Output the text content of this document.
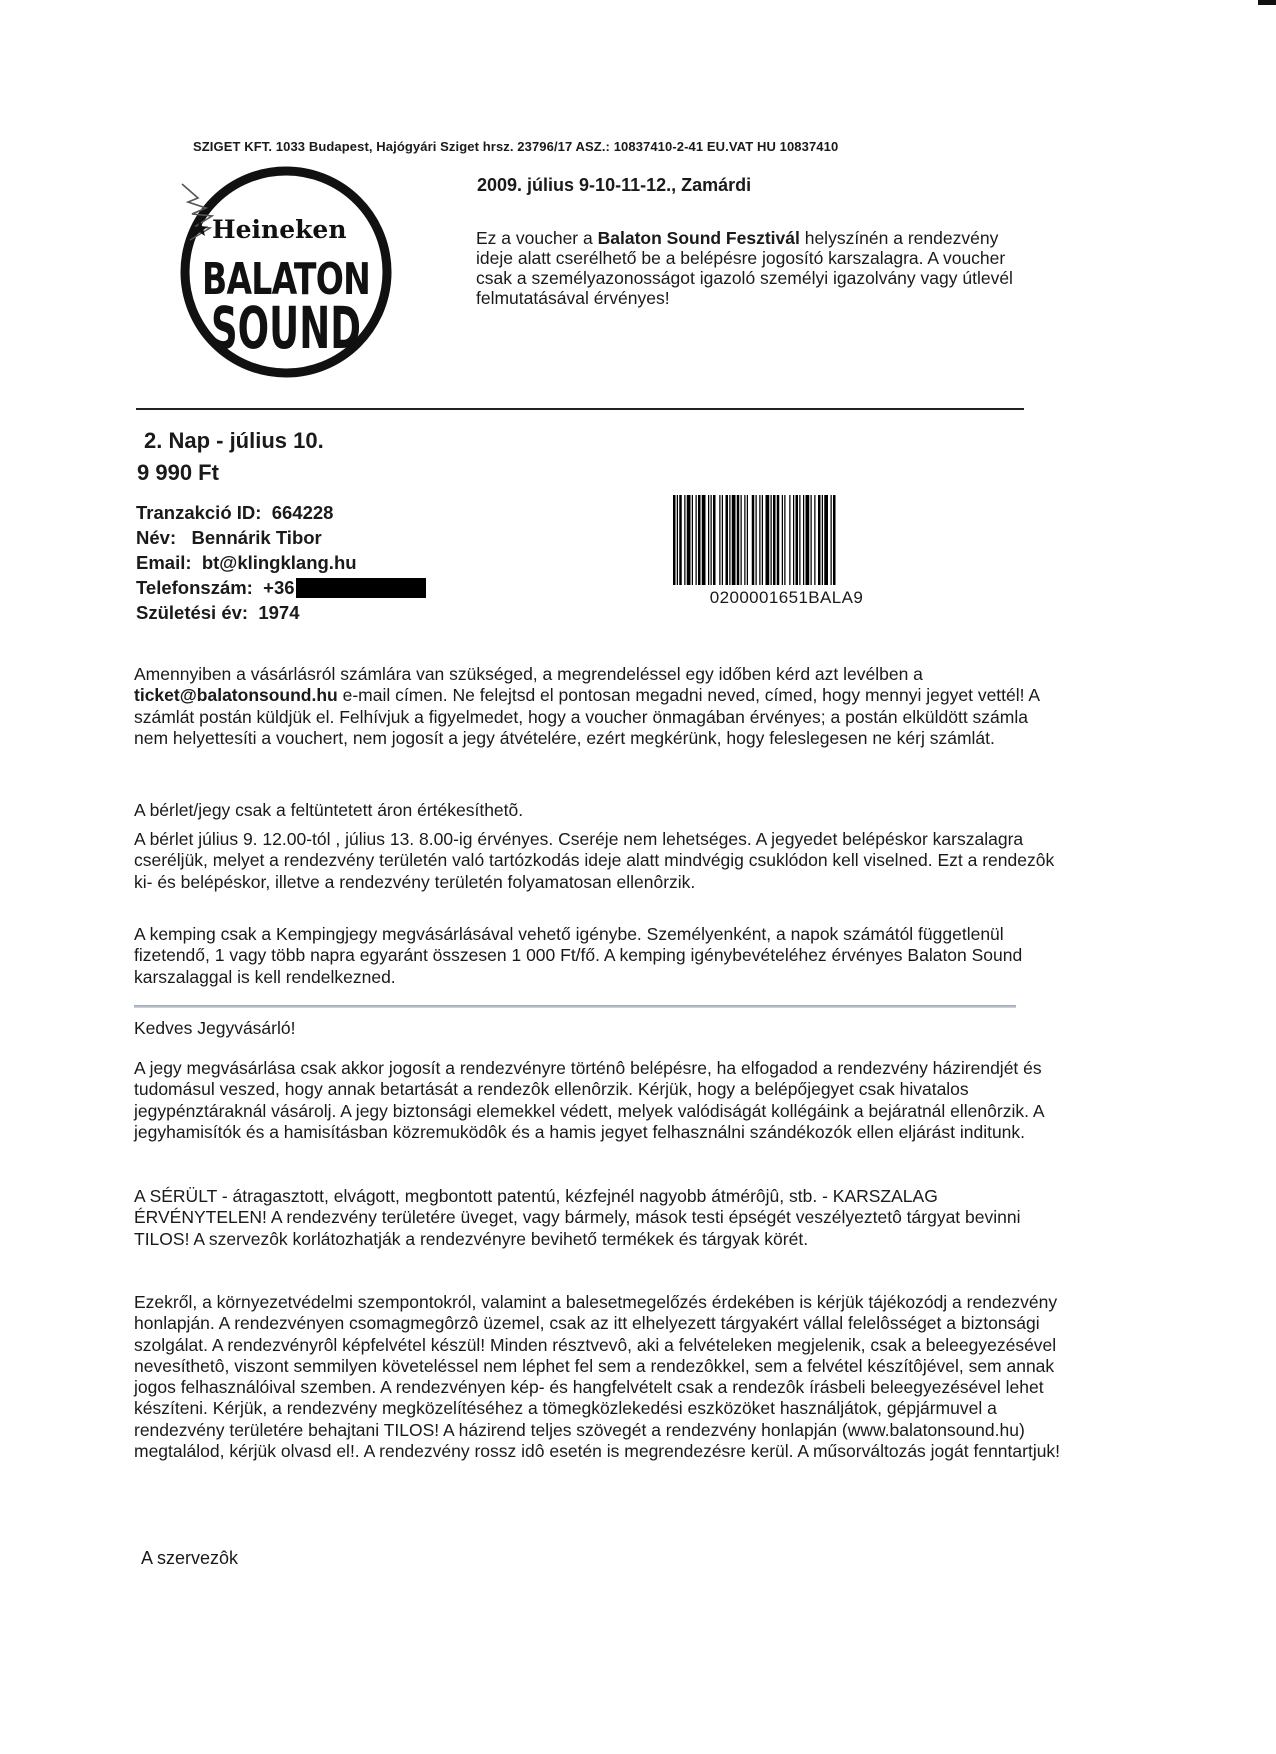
SZIGET KFT. 1033 Budapest, Hajógyári Sziget hrsz. 23796/17 ASZ.: 10837410-2-41 EU.VAT HU 10837410
Heineken
BALATON
SOUND
2009. július 9-10-11-12., Zamárdi
Ez a voucher a Balaton Sound Fesztivál helyszínén a rendezvény ideje alatt cserélhető be a belépésre jogosító karszalagra. A voucher csak a személyazonosságot igazoló személyi igazolvány vagy útlevél felmutatásával érvényes!
2. Nap - július 10.
9 990 Ft
Tranzakció ID: 664228
Név: Bennárik Tibor
Email: bt@klingklang.hu
Telefonszám: +36
Születési év: 1974
0200001651BALA9
Amennyiben a vásárlásról számlára van szükséged, a megrendeléssel egy időben kérd azt levélben a ticket@balatonsound.hu e-mail címen. Ne felejtsd el pontosan megadni neved, címed, hogy mennyi jegyet vettél! A számlát postán küldjük el. Felhívjuk a figyelmedet, hogy a voucher önmagában érvényes; a postán elküldött számla nem helyettesíti a vouchert, nem jogosít a jegy átvételére, ezért megkérünk, hogy feleslegesen ne kérj számlát.
A bérlet/jegy csak a feltüntetett áron értékesíthetõ.
A bérlet július 9. 12.00-tól , július 13. 8.00-ig érvényes. Cseréje nem lehetséges. A jegyedet belépéskor karszalagra cseréljük, melyet a rendezvény területén való tartózkodás ideje alatt mindvégig csuklódon kell viselned. Ezt a rendezôk ki- és belépéskor, illetve a rendezvény területén folyamatosan ellenôrzik.
A kemping csak a Kempingjegy megvásárlásával vehető igénybe. Személyenként, a napok számától függetlenül fizetendő, 1 vagy több napra egyaránt összesen 1 000 Ft/fő. A kemping igénybevételéhez érvényes Balaton Sound karszalaggal is kell rendelkezned.
Kedves Jegyvásárló!
A jegy megvásárlása csak akkor jogosít a rendezvényre történô belépésre, ha elfogadod a rendezvény házirendjét és tudomásul veszed, hogy annak betartását a rendezôk ellenôrzik. Kérjük, hogy a belépőjegyet csak hivatalos jegypénztáraknál vásárolj. A jegy biztonsági elemekkel védett, melyek valódiságát kollégáink a bejáratnál ellenôrzik. A jegyhamisítók és a hamisításban közremuködôk és a hamis jegyet felhasználni szándékozók ellen eljárást inditunk.
A SÉRÜLT - átragasztott, elvágott, megbontott patentú, kézfejnél nagyobb átmérôjû, stb. - KARSZALAG ÉRVÉNYTELEN! A rendezvény területére üveget, vagy bármely, mások testi épségét veszélyeztetô tárgyat bevinni TILOS! A szervezôk korlátozhatják a rendezvényre bevihető termékek és tárgyak körét.
Ezekről, a környezetvédelmi szempontokról, valamint a balesetmegelőzés érdekében is kérjük tájékozódj a rendezvény honlapján. A rendezvényen csomagmegôrzô üzemel, csak az itt elhelyezett tárgyakért vállal felelôsséget a biztonsági szolgálat. A rendezvényrôl képfelvétel készül! Minden résztvevô, aki a felvételeken megjelenik, csak a beleegyezésével nevesíthetô, viszont semmilyen követeléssel nem léphet fel sem a rendezôkkel, sem a felvétel készítôjével, sem annak jogos felhasználóival szemben. A rendezvényen kép- és hangfelvételt csak a rendezôk írásbeli beleegyezésével lehet készíteni. Kérjük, a rendezvény megközelítéséhez a tömegközlekedési eszközöket használjátok, gépjármuvel a rendezvény területére behajtani TILOS! A házirend teljes szövegét a rendezvény honlapján (www.balatonsound.hu) megtalálod, kérjük olvasd el!. A rendezvény rossz idô esetén is megrendezésre kerül. A műsorváltozás jogát fenntartjuk!
A szervezôk
